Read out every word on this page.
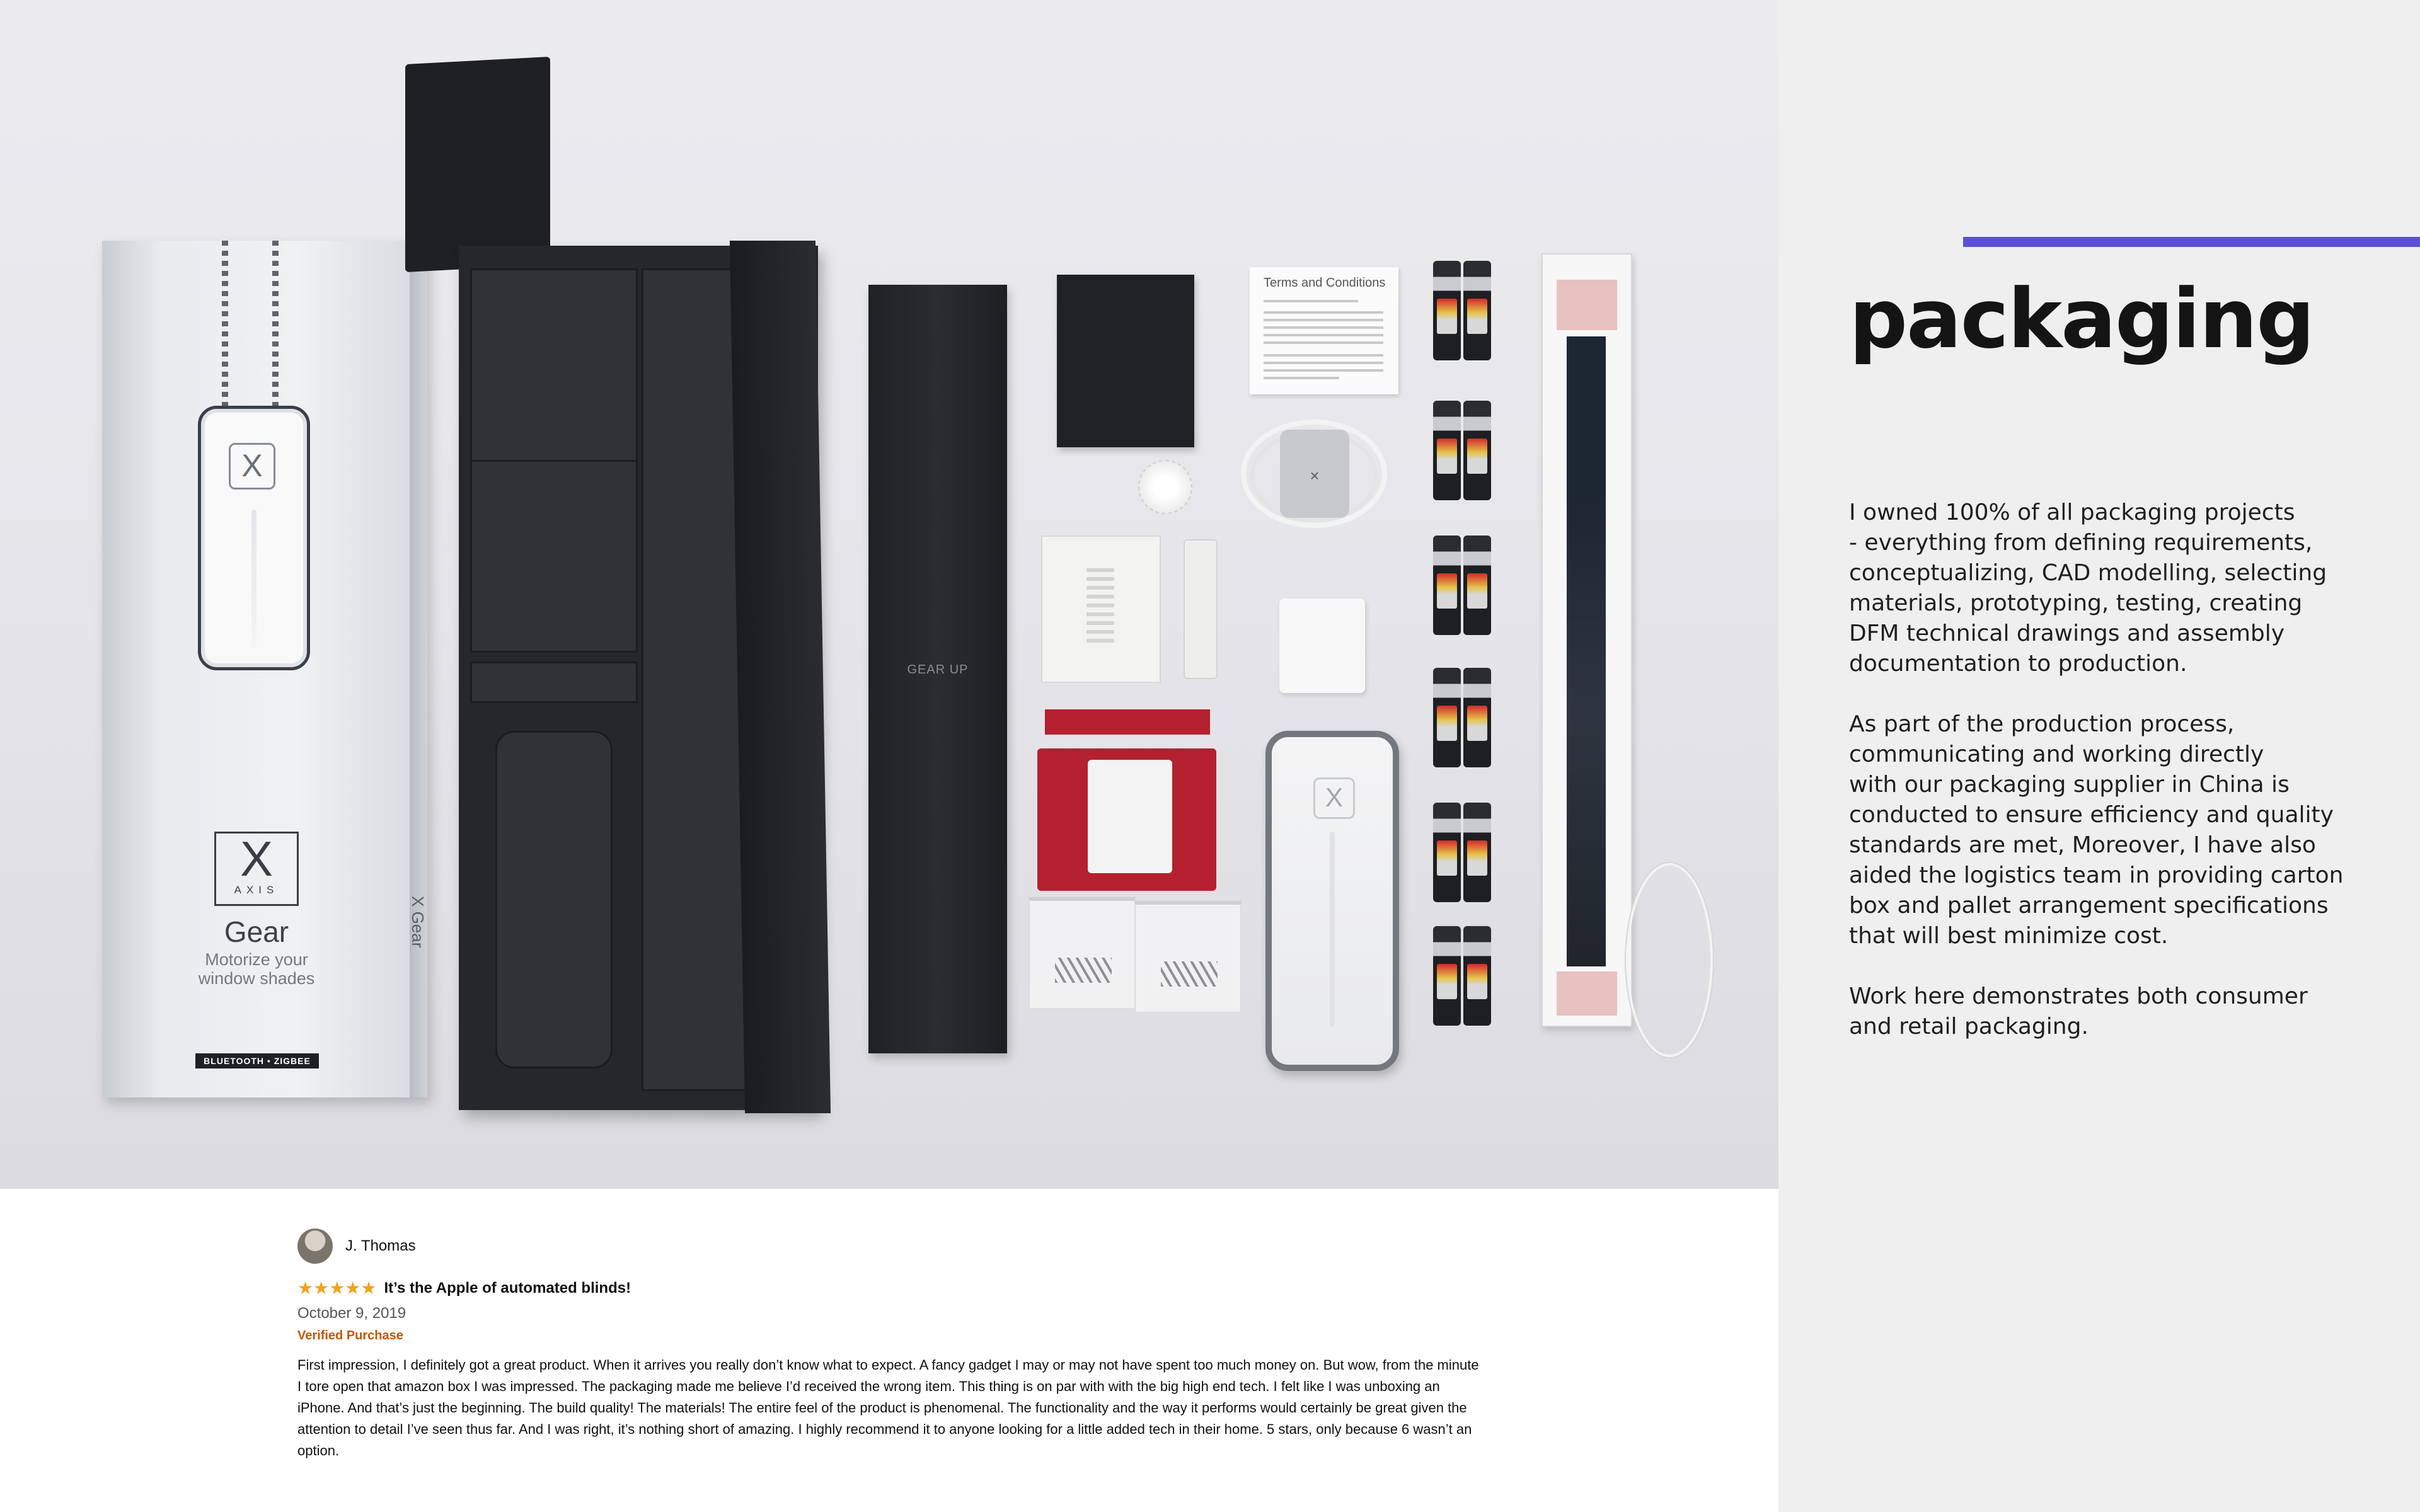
X
X
AXIS
Gear
Motorize your
window shades
BLUETOOTH • ZIGBEE
X Gear
GEAR UP
Terms and Conditions
×
X
J. Thomas
★★★★★ It’s the Apple of automated blinds!
October 9, 2019
Verified Purchase
First impression, I definitely got a great product. When it arrives you really don’t know what to expect. A fancy gadget I may or may not have spent too much money on. But wow, from the minute I tore open that amazon box I was impressed. The packaging made me believe I’d received the wrong item. This thing is on par with with the big high end tech. I felt like I was unboxing an iPhone. And that’s just the beginning. The build quality! The materials! The entire feel of the product is phenomenal. The functionality and the way it performs would certainly be great given the attention to detail I’ve seen thus far. And I was right, it’s nothing short of amazing. I highly recommend it to anyone looking for a little added tech in their home. 5 stars, only because 6 wasn’t an option.
packaging

I owned 100% of all packaging projects
- everything from defining requirements,
conceptualizing, CAD modelling, selecting
materials, prototyping, testing, creating
DFM technical drawings and assembly
documentation to production.

As part of the production process,
communicating and working directly
with our packaging supplier in China is
conducted to ensure efficiency and quality
standards are met, Moreover, I have also
aided the logistics team in providing carton
box and pallet arrangement specifications
that will best minimize cost.

Work here demonstrates both consumer
and retail packaging.
